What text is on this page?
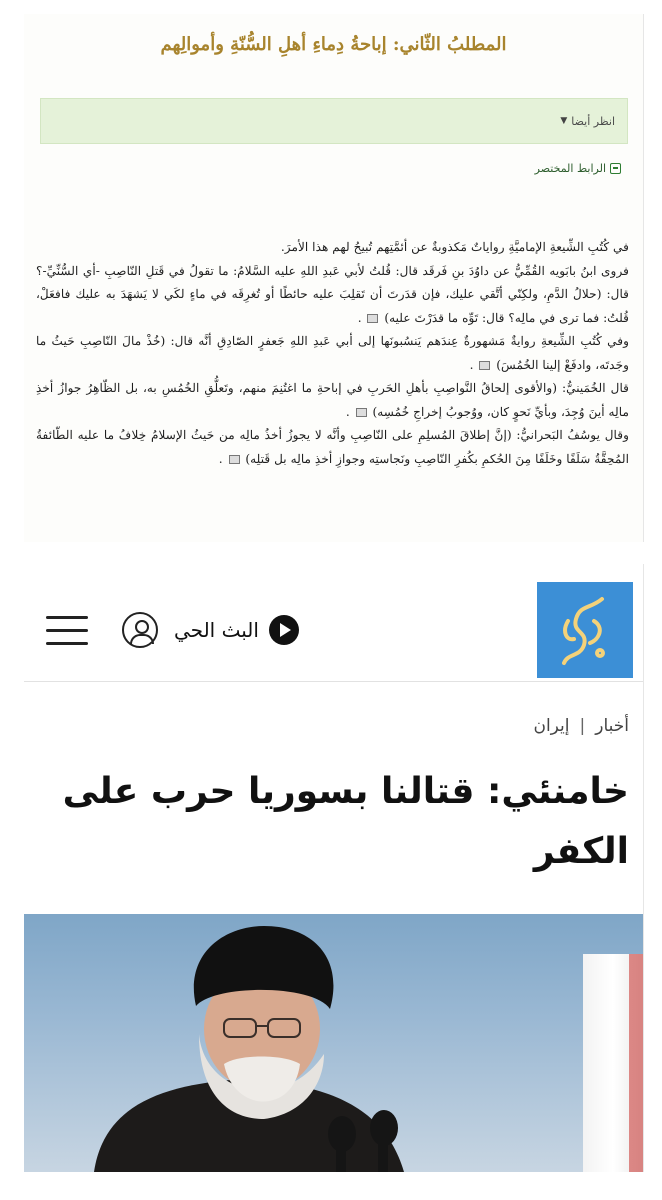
المطلبُ الثّاني: إباحةُ دِماءِ أهلِ السُّنّةِ وأموالِهم
انظر أيضا
▼
الرابط المختصر

في كُتُبِ الشِّيعةِ الإماميَّةِ رواياتٌ مَكذوبةٌ عن أئمَّتِهم تُبيحُ لهم هذا الأمرَ.

فروى ابنُ بابَويه القُمِّيُّ عن داوُدَ بنِ فَرقَد قال: قُلتُ لأبي عَبدِ اللهِ عليه السَّلامُ: ما تقولُ في قَتلِ النّاصِبِ -أي السُّنِّيِّ-؟ قال: (حلالُ الدَّمِ، ولكِنّي أتَّقي عليك، فإن قدَرتَ أن تَقلِبَ عليه حائطًا أو تُغرِقَه في ماءٍ لكَي لا يَشهَدَ به عليك فافعَلْ، قُلتُ: فما ترى في مالِه؟ قال: تَوِّه ما قدَرْتَ عليه)  .

وفي كُتُبِ الشِّيعةِ روايةٌ مَشهورةٌ عِندَهم يَنسُبونَها إلى أبي عَبدِ اللهِ جَعفرٍ الصّادِقِ أنَّه قال: (خُذْ مالَ النّاصِبِ حَيثُ ما وجَدتَه، وادفَعْ إلينا الخُمُسَ)  .

قال الخُمَينيُّ: (والأقوى إلحاقُ النَّواصِبِ بأهلِ الحَربِ في إباحةِ ما اغتُنِمَ منهم، وتَعلُّقِ الخُمُسِ به، بل الظّاهِرُ جوازُ أخذِ مالِه أينَ وُجِدَ، وبأيِّ نَحوٍ كان، ووُجوبُ إخراجِ خُمُسِه)  .

وقال يوسُفُ البَحرانيُّ: (إنَّ إطلاقَ المُسلِمِ على النّاصِبِ وأنَّه لا يجوزُ أخذُ مالِه من حَيثُ الإسلامُ خِلافُ ما عليه الطّائفةُ المُحِقَّةُ سَلَفًا وخَلَفًا مِنَ الحُكمِ بكُفرِ النّاصِبِ ونَجاستِه وجوازِ أخذِ مالِه بل قَتلِه)  .

البث الحي
أخبار
|
إيران
خامنئي: قتالنا بسوريا حرب على الكفر
